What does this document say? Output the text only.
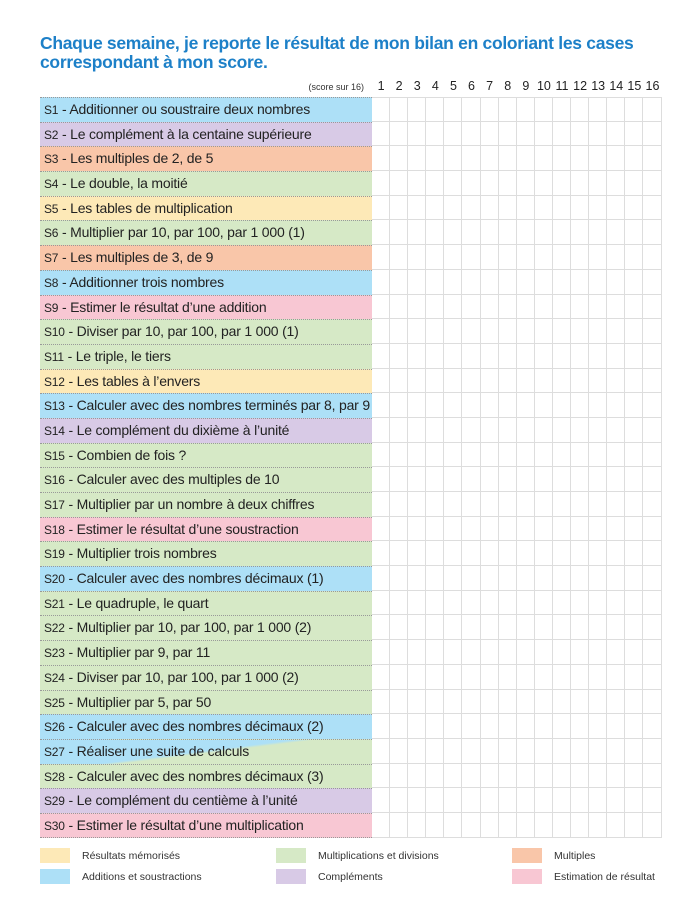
Chaque semaine, je reporte le résultat de mon bilan en coloriant les cases correspondant à mon score.
(score sur 16)	1 2 3 4 5 6 7 8 9 10 11 12 13 14 15 16
S1 - Additionner ou soustraire deux nombres
S2 - Le complément à la centaine supérieure
S3 - Les multiples de 2, de 5
S4 - Le double, la moitié
S5 - Les tables de multiplication
S6 - Multiplier par 10, par 100, par 1 000 (1)
S7 - Les multiples de 3, de 9
S8 - Additionner trois nombres
S9 - Estimer le résultat d’une addition
S10 - Diviser par 10, par 100, par 1 000 (1)
S11 - Le triple, le tiers
S12 - Les tables à l’envers
S13 - Calculer avec des nombres terminés par 8, par 9
S14 - Le complément du dixième à l’unité
S15 - Combien de fois ?
S16 - Calculer avec des multiples de 10
S17 - Multiplier par un nombre à deux chiffres
S18 - Estimer le résultat d’une soustraction
S19 - Multiplier trois nombres
S20 - Calculer avec des nombres décimaux (1)
S21 - Le quadruple, le quart
S22 - Multiplier par 10, par 100, par 1 000 (2)
S23 - Multiplier par 9, par 11
S24 - Diviser par 10, par 100, par 1 000 (2)
S25 - Multiplier par 5, par 50
S26 - Calculer avec des nombres décimaux (2)
S27 - Réaliser une suite de calculs
S28 - Calculer avec des nombres décimaux (3)
S29 - Le complément du centième à l’unité
S30 - Estimer le résultat d’une multiplication
Résultats mémorisés	Multiplications et divisions	Multiples
Additions et soustractions	Compléments	Estimation de résultat
